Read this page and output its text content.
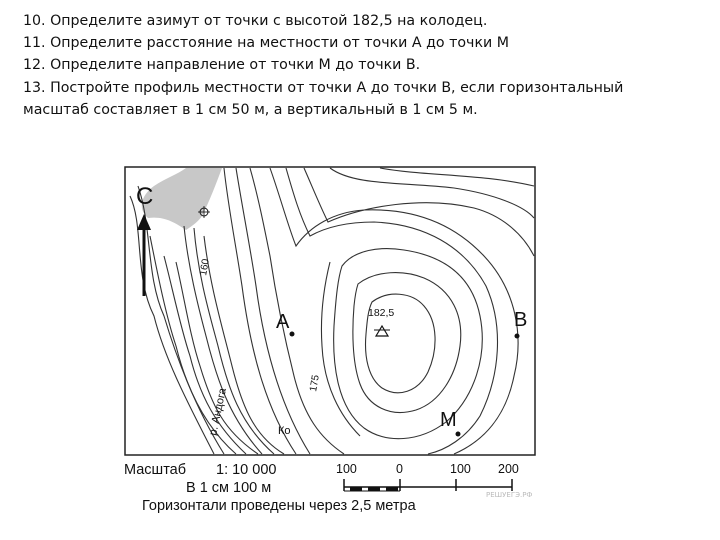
10. Определите азимут от точки с высотой 182,5 на колодец.

11. Определите расстояние на местности от точки А до точки М

12. Определите направление от точки М до точки В.

13. Постройте профиль местности от точки А до точки В, если горизонтальный

масштаб составляет в 1 см 50 м, а вертикальный в 1 см 5 м.

С
160
175
р. Андога
А	В
М
182,5
Ко
Масштаб 1: 10 000
В 1 см 100 м
Горизонтали проведены через 2,5 метра
100	0	100 200
РЕШУЕГЭ.РФ
